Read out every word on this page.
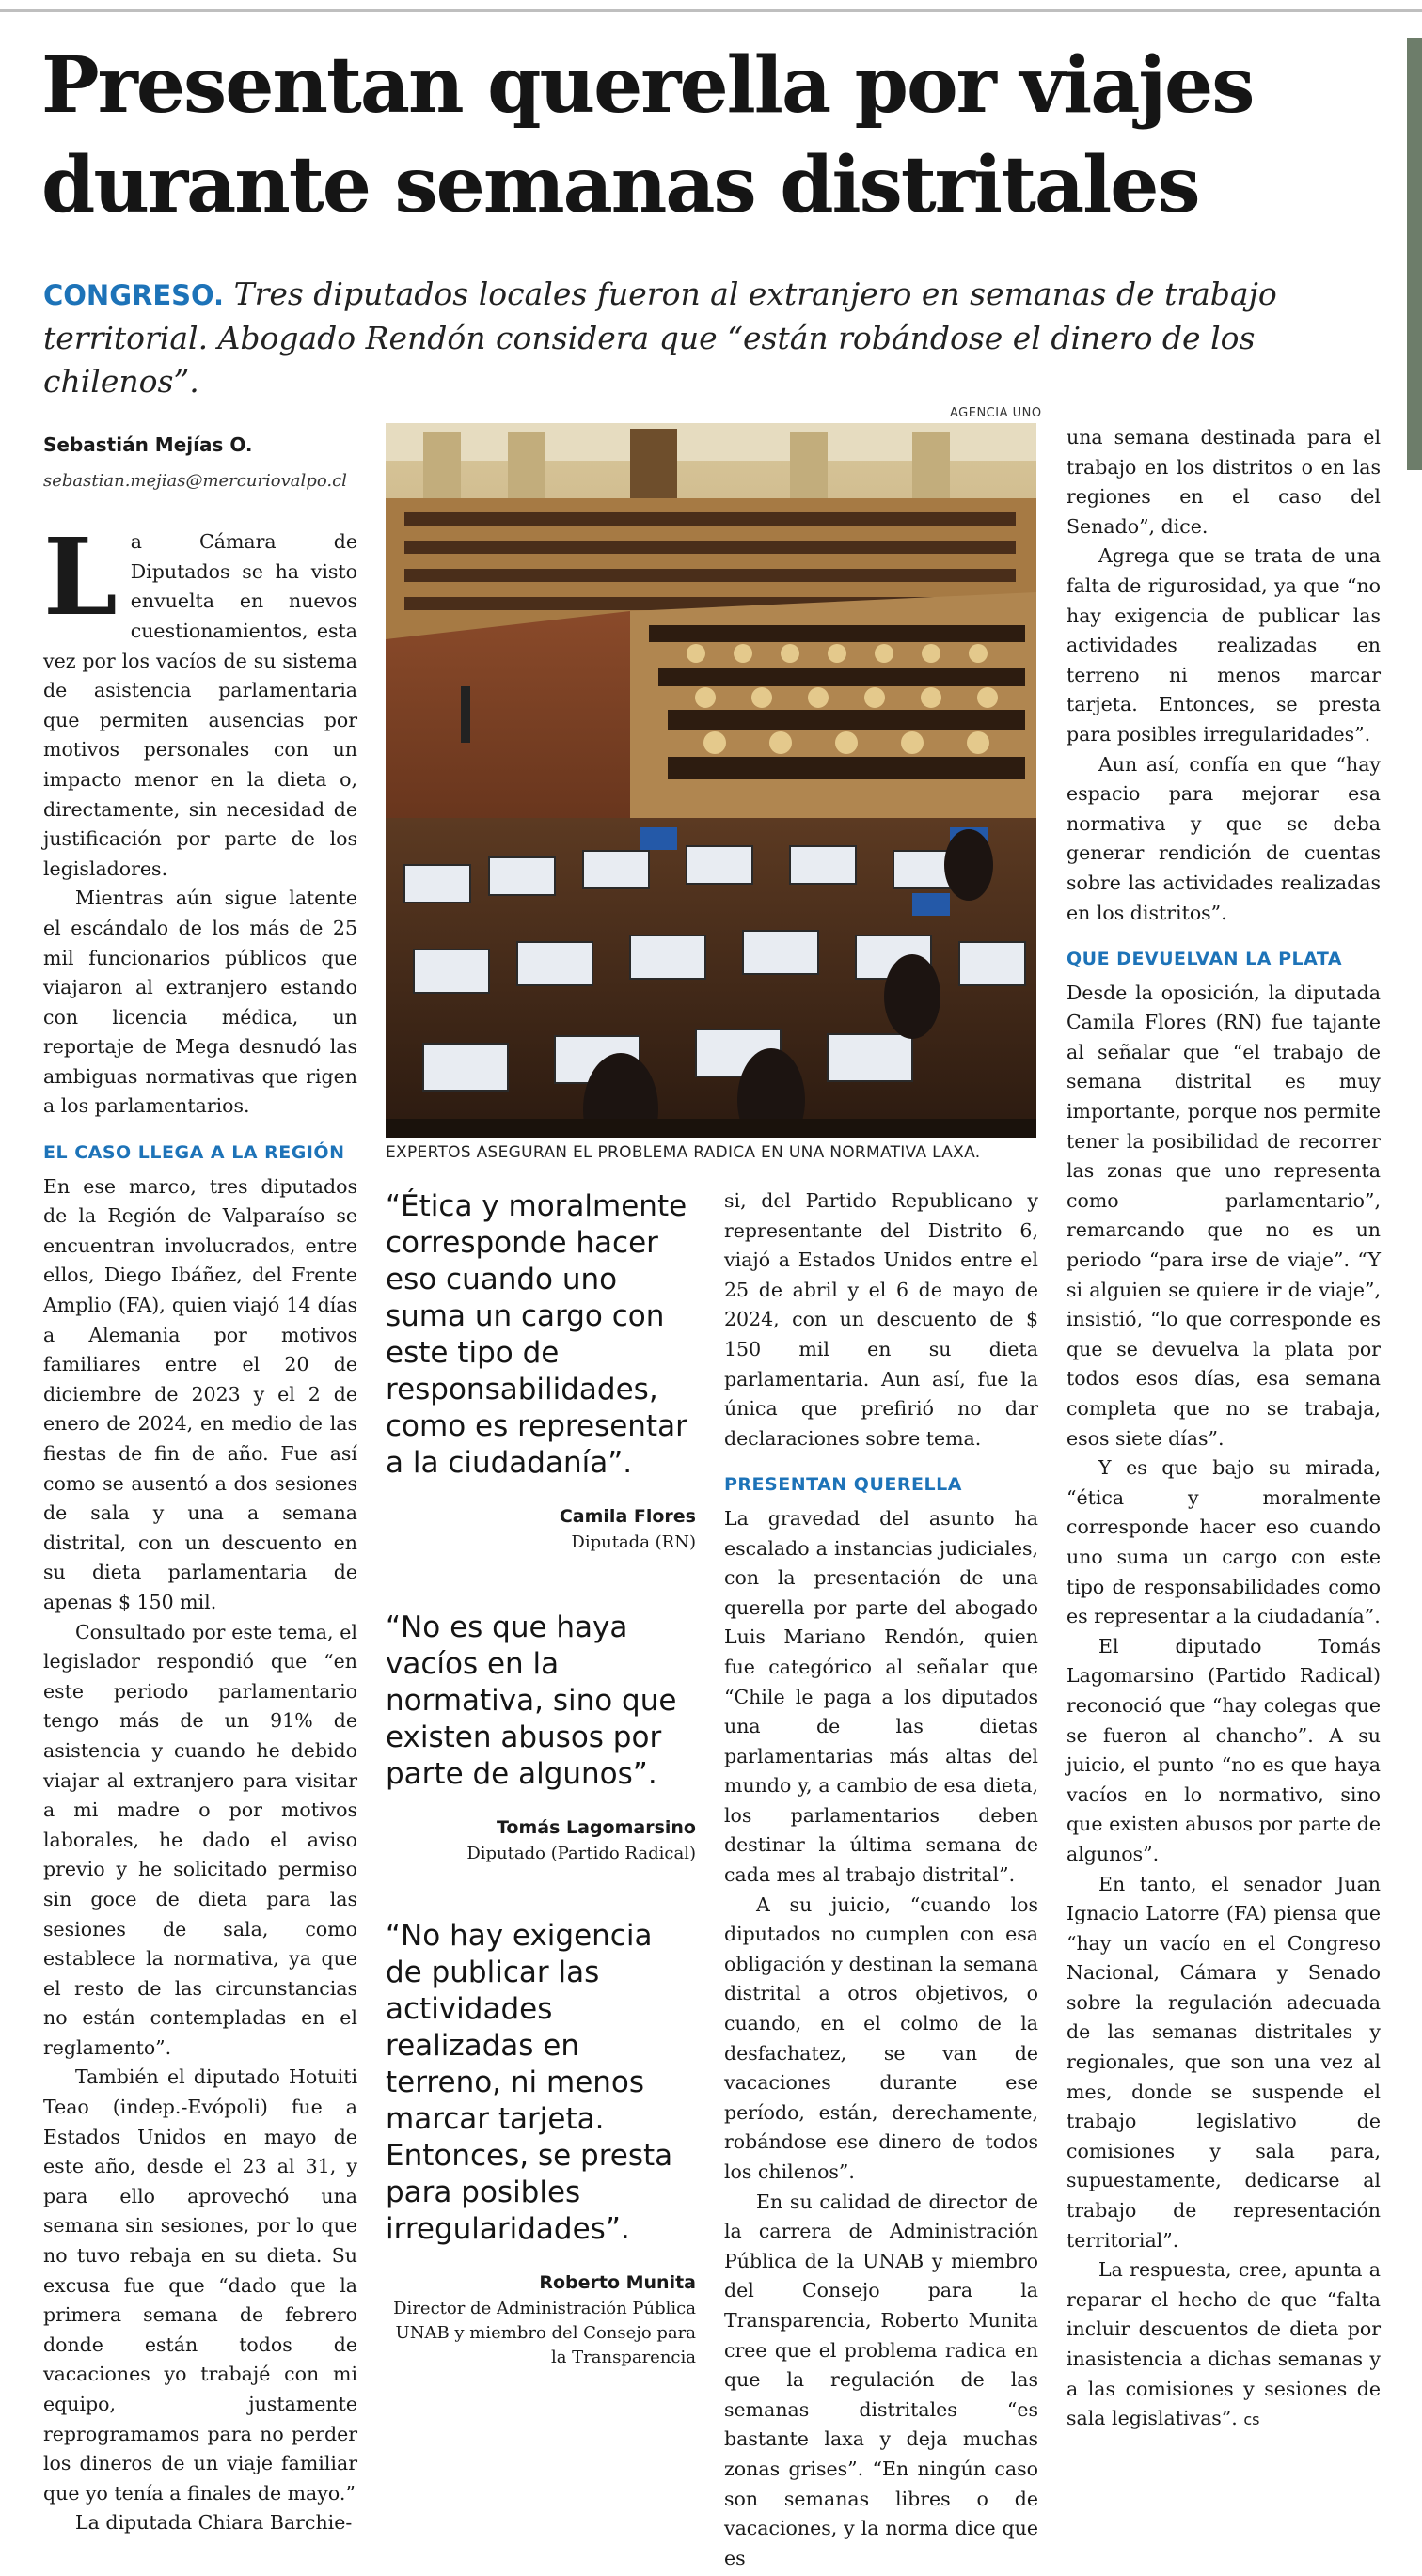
Presentan querella por viajes durante semanas distritales

CONGRESO. Tres diputados locales fueron al extranjero en semanas de trabajo territorial. Abogado Rendón considera que “están robándose el dinero de los chilenos”.

Sebastián Mejías O.
sebastian.mejias@mercuriovalpo.cl

La Cámara de Diputados se ha visto envuelta en nuevos cuestionamientos, esta vez por los vacíos de su sistema de asistencia parlamentaria que permiten ausencias por motivos personales con un impacto menor en la dieta o, directamente, sin necesidad de justificación por parte de los legisladores.

Mientras aún sigue latente el escándalo de los más de 25 mil funcionarios públicos que viajaron al extranjero estando con licencia médica, un reportaje de Mega desnudó las ambiguas normativas que rigen a los parlamentarios.

EL CASO LLEGA A LA REGIÓN

En ese marco, tres diputados de la Región de Valparaíso se encuentran involucrados, entre ellos, Diego Ibáñez, del Frente Amplio (FA), quien viajó 14 días a Alemania por motivos familiares entre el 20 de diciembre de 2023 y el 2 de enero de 2024, en medio de las fiestas de fin de año. Fue así como se ausentó a dos sesiones de sala y una a semana distrital, con un descuento en su dieta parlamentaria de apenas $ 150 mil.

Consultado por este tema, el legislador respondió que “en este periodo parlamentario tengo más de un 91% de asistencia y cuando he debido viajar al extranjero para visitar a mi madre o por motivos laborales, he dado el aviso previo y he solicitado permiso sin goce de dieta para las sesiones de sala, como establece la normativa, ya que el resto de las circunstancias no están contempladas en el reglamento”.

También el diputado Hotuiti Teao (indep.-Evópoli) fue a Estados Unidos en mayo de este año, desde el 23 al 31, y para ello aprovechó una semana sin sesiones, por lo que no tuvo rebaja en su dieta. Su excusa fue que “dado que la primera semana de febrero donde están todos de vacaciones yo trabajé con mi equipo, justamente reprogramamos para no perder los dineros de un viaje familiar que yo tenía a finales de mayo.”

La diputada Chiara Barchie-

AGENCIA UNO
EXPERTOS ASEGURAN EL PROBLEMA RADICA EN UNA NORMATIVA LAXA.

“Ética y moralmente corresponde hacer eso cuando uno suma un cargo con este tipo de responsabilidades, como es representar a la ciudadanía”.

Camila Flores

Diputada (RN)

“No es que haya vacíos en la normativa, sino que existen abusos por parte de algunos”.

Tomás Lagomarsino

Diputado (Partido Radical)

“No hay exigencia de publicar las actividades realizadas en terreno, ni menos marcar tarjeta. Entonces, se presta para posibles irregularidades”.

Roberto Munita

Director de Administración Pública UNAB y miembro del Consejo para la Transparencia

si, del Partido Republicano y representante del Distrito 6, viajó a Estados Unidos entre el 25 de abril y el 6 de mayo de 2024, con un descuento de $ 150 mil en su dieta parlamentaria. Aun así, fue la única que prefirió no dar declaraciones sobre tema.

PRESENTAN QUERELLA

La gravedad del asunto ha escalado a instancias judiciales, con la presentación de una querella por parte del abogado Luis Mariano Rendón, quien fue categórico al señalar que “Chile le paga a los diputados una de las dietas parlamentarias más altas del mundo y, a cambio de esa dieta, los parlamentarios deben destinar la última semana de cada mes al trabajo distrital”.

A su juicio, “cuando los diputados no cumplen con esa obligación y destinan la semana distrital a otros objetivos, o cuando, en el colmo de la desfachatez, se van de vacaciones durante ese período, están, derechamente, robándose ese dinero de todos los chilenos”.

En su calidad de director de la carrera de Administración Pública de la UNAB y miembro del Consejo para la Transparencia, Roberto Munita cree que el problema radica en que la regulación de las semanas distritales “es bastante laxa y deja muchas zonas grises”. “En ningún caso son semanas libres o de vacaciones, y la norma dice que es

una semana destinada para el trabajo en los distritos o en las regiones en el caso del Senado”, dice.

Agrega que se trata de una falta de rigurosidad, ya que “no hay exigencia de publicar las actividades realizadas en terreno ni menos marcar tarjeta. Entonces, se presta para posibles irregularidades”.

Aun así, confía en que “hay espacio para mejorar esa normativa y que se deba generar rendición de cuentas sobre las actividades realizadas en los distritos”.

QUE DEVUELVAN LA PLATA

Desde la oposición, la diputada Camila Flores (RN) fue tajante al señalar que “el trabajo de semana distrital es muy importante, porque nos permite tener la posibilidad de recorrer las zonas que uno representa como parlamentario”, remarcando que no es un periodo “para irse de viaje”. “Y si alguien se quiere ir de viaje”, insistió, “lo que corresponde es que se devuelva la plata por todos esos días, esa semana completa que no se trabaja, esos siete días”.

Y es que bajo su mirada, “ética y moralmente corresponde hacer eso cuando uno suma un cargo con este tipo de responsabilidades como es representar a la ciudadanía”.

El diputado Tomás Lagomarsino (Partido Radical) reconoció que “hay colegas que se fueron al chancho”. A su juicio, el punto “no es que haya vacíos en lo normativo, sino que existen abusos por parte de algunos”.

En tanto, el senador Juan Ignacio Latorre (FA) piensa que “hay un vacío en el Congreso Nacional, Cámara y Senado sobre la regulación adecuada de las semanas distritales y regionales, que son una vez al mes, donde se suspende el trabajo legislativo de comisiones y sala para, supuestamente, dedicarse al trabajo de representación territorial”.

La respuesta, cree, apunta a reparar el hecho de que “falta incluir descuentos de dieta por inasistencia a dichas semanas y a las comisiones y sesiones de sala legislativas”. cs
